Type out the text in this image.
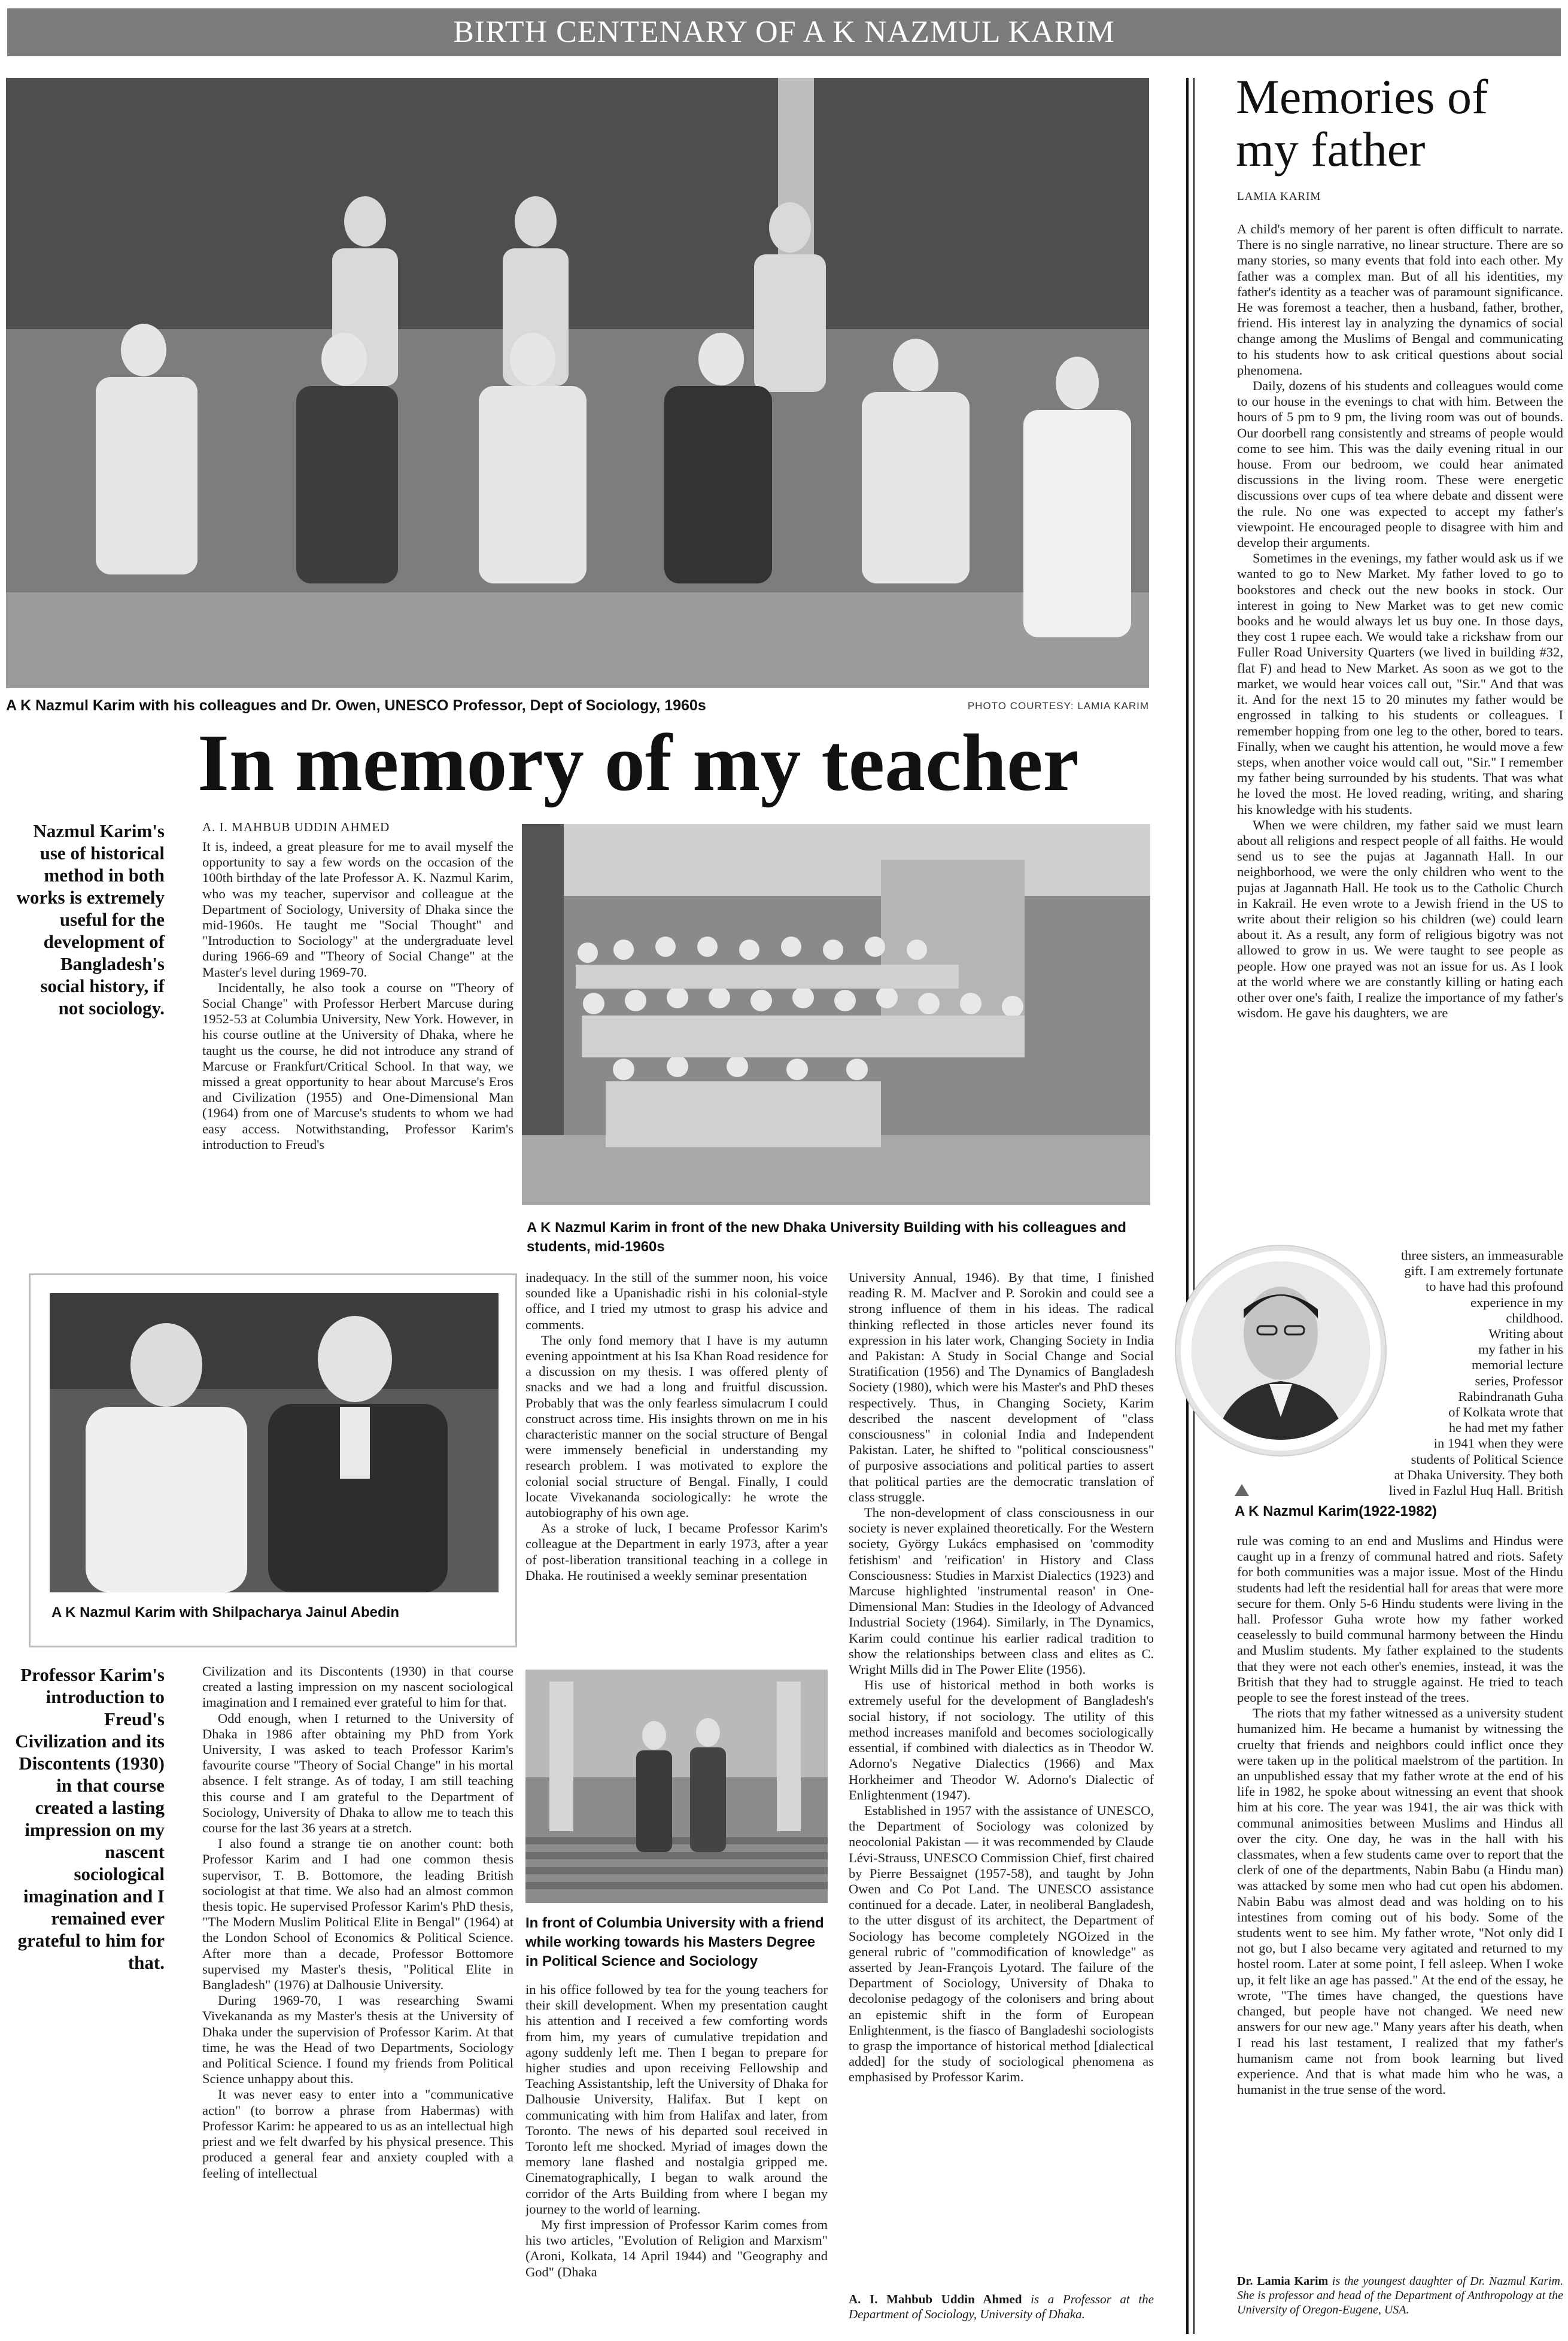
BIRTH CENTENARY OF A K NAZMUL KARIM
A K Nazmul Karim with his colleagues and Dr. Owen, UNESCO Professor, Dept of Sociology, 1960s	PHOTO COURTESY: LAMIA KARIM
In memory of my teacher
Nazmul Karim's use of historical method in both works is extremely useful for the development of Bangladesh's social history, if not sociology.
A. I. MAHBUB UDDIN AHMED

It is, indeed, a great pleasure for me to avail myself the opportunity to say a few words on the occasion of the 100th birthday of the late Professor A. K. Nazmul Karim, who was my teacher, supervisor and colleague at the Department of Sociology, University of Dhaka since the mid-1960s. He taught me "Social Thought" and "Introduction to Sociology" at the undergraduate level during 1966-69 and "Theory of Social Change" at the Master's level during 1969-70.

Incidentally, he also took a course on "Theory of Social Change" with Professor Herbert Marcuse during 1952-53 at Columbia University, New York. However, in his course outline at the University of Dhaka, where he taught us the course, he did not introduce any strand of Marcuse or Frankfurt/Critical School. In that way, we missed a great opportunity to hear about Marcuse's Eros and Civilization (1955) and One-Dimensional Man (1964) from one of Marcuse's students to whom we had easy access. Notwithstanding, Professor Karim's introduction to Freud's

A K Nazmul Karim in front of the new Dhaka University Building with his colleagues and students, mid-1960s
A K Nazmul Karim with Shilpacharya Jainul Abedin
Professor Karim's introduction to Freud's Civilization and its Discontents (1930) in that course created a lasting impression on my nascent sociological imagination and I remained ever grateful to him for that.

Civilization and its Discontents (1930) in that course created a lasting impression on my nascent sociological imagination and I remained ever grateful to him for that.

Odd enough, when I returned to the University of Dhaka in 1986 after obtaining my PhD from York University, I was asked to teach Professor Karim's favourite course "Theory of Social Change" in his mortal absence. I felt strange. As of today, I am still teaching this course and I am grateful to the Department of Sociology, University of Dhaka to allow me to teach this course for the last 36 years at a stretch.

I also found a strange tie on another count: both Professor Karim and I had one common thesis supervisor, T. B. Bottomore, the leading British sociologist at that time. We also had an almost common thesis topic. He supervised Professor Karim's PhD thesis, "The Modern Muslim Political Elite in Bengal" (1964) at the London School of Economics & Political Science. After more than a decade, Professor Bottomore supervised my Master's thesis, "Political Elite in Bangladesh" (1976) at Dalhousie University.

During 1969-70, I was researching Swami Vivekananda as my Master's thesis at the University of Dhaka under the supervision of Professor Karim. At that time, he was the Head of two Departments, Sociology and Political Science. I found my friends from Political Science unhappy about this.

It was never easy to enter into a "communicative action" (to borrow a phrase from Habermas) with Professor Karim: he appeared to us as an intellectual high priest and we felt dwarfed by his physical presence. This produced a general fear and anxiety coupled with a feeling of intellectual

inadequacy. In the still of the summer noon, his voice sounded like a Upanishadic rishi in his colonial-style office, and I tried my utmost to grasp his advice and comments.

The only fond memory that I have is my autumn evening appointment at his Isa Khan Road residence for a discussion on my thesis. I was offered plenty of snacks and we had a long and fruitful discussion. Probably that was the only fearless simulacrum I could construct across time. His insights thrown on me in his characteristic manner on the social structure of Bengal were immensely beneficial in understanding my research problem. I was motivated to explore the colonial social structure of Bengal. Finally, I could locate Vivekananda sociologically: he wrote the autobiography of his own age.

As a stroke of luck, I became Professor Karim's colleague at the Department in early 1973, after a year of post-liberation transitional teaching in a college in Dhaka. He routinised a weekly seminar presentation

In front of Columbia University with a friend while working towards his Masters Degree in Political Science and Sociology

in his office followed by tea for the young teachers for their skill development. When my presentation caught his attention and I received a few comforting words from him, my years of cumulative trepidation and agony suddenly left me. Then I began to prepare for higher studies and upon receiving Fellowship and Teaching Assistantship, left the University of Dhaka for Dalhousie University, Halifax. But I kept on communicating with him from Halifax and later, from Toronto. The news of his departed soul received in Toronto left me shocked. Myriad of images down the memory lane flashed and nostalgia gripped me. Cinematographically, I began to walk around the corridor of the Arts Building from where I began my journey to the world of learning.

My first impression of Professor Karim comes from his two articles, "Evolution of Religion and Marxism" (Aroni, Kolkata, 14 April 1944) and "Geography and God" (Dhaka

University Annual, 1946). By that time, I finished reading R. M. MacIver and P. Sorokin and could see a strong influence of them in his ideas. The radical thinking reflected in those articles never found its expression in his later work, Changing Society in India and Pakistan: A Study in Social Change and Social Stratification (1956) and The Dynamics of Bangladesh Society (1980), which were his Master's and PhD theses respectively. Thus, in Changing Society, Karim described the nascent development of "class consciousness" in colonial India and Independent Pakistan. Later, he shifted to "political consciousness" of purposive associations and political parties to assert that political parties are the democratic translation of class struggle.

The non-development of class consciousness in our society is never explained theoretically. For the Western society, György Lukács emphasised on 'commodity fetishism' and 'reification' in History and Class Consciousness: Studies in Marxist Dialectics (1923) and Marcuse highlighted 'instrumental reason' in One-Dimensional Man: Studies in the Ideology of Advanced Industrial Society (1964). Similarly, in The Dynamics, Karim could continue his earlier radical tradition to show the relationships between class and elites as C. Wright Mills did in The Power Elite (1956).

His use of historical method in both works is extremely useful for the development of Bangladesh's social history, if not sociology. The utility of this method increases manifold and becomes sociologically essential, if combined with dialectics as in Theodor W. Adorno's Negative Dialectics (1966) and Max Horkheimer and Theodor W. Adorno's Dialectic of Enlightenment (1947).

Established in 1957 with the assistance of UNESCO, the Department of Sociology was colonized by neocolonial Pakistan — it was recommended by Claude Lévi-Strauss, UNESCO Commission Chief, first chaired by Pierre Bessaignet (1957-58), and taught by John Owen and Co Pot Land. The UNESCO assistance continued for a decade. Later, in neoliberal Bangladesh, to the utter disgust of its architect, the Department of Sociology has become completely NGOized in the general rubric of "commodification of knowledge" as asserted by Jean-François Lyotard. The failure of the Department of Sociology, University of Dhaka to decolonise pedagogy of the colonisers and bring about an epistemic shift in the form of European Enlightenment, is the fiasco of Bangladeshi sociologists to grasp the importance of historical method [dialectical added] for the study of sociological phenomena as emphasised by Professor Karim.

A. I. Mahbub Uddin Ahmed is a Professor at the Department of Sociology, University of Dhaka.
Memories of
my father
LAMIA KARIM

A child's memory of her parent is often difficult to narrate. There is no single narrative, no linear structure. There are so many stories, so many events that fold into each other. My father was a complex man. But of all his identities, my father's identity as a teacher was of paramount significance. He was foremost a teacher, then a husband, father, brother, friend. His interest lay in analyzing the dynamics of social change among the Muslims of Bengal and communicating to his students how to ask critical questions about social phenomena.

Daily, dozens of his students and colleagues would come to our house in the evenings to chat with him. Between the hours of 5 pm to 9 pm, the living room was out of bounds. Our doorbell rang consistently and streams of people would come to see him. This was the daily evening ritual in our house. From our bedroom, we could hear animated discussions in the living room. These were energetic discussions over cups of tea where debate and dissent were the rule. No one was expected to accept my father's viewpoint. He encouraged people to disagree with him and develop their arguments.

Sometimes in the evenings, my father would ask us if we wanted to go to New Market. My father loved to go to bookstores and check out the new books in stock. Our interest in going to New Market was to get new comic books and he would always let us buy one. In those days, they cost 1 rupee each. We would take a rickshaw from our Fuller Road University Quarters (we lived in building #32, flat F) and head to New Market. As soon as we got to the market, we would hear voices call out, "Sir." And that was it. And for the next 15 to 20 minutes my father would be engrossed in talking to his students or colleagues. I remember hopping from one leg to the other, bored to tears. Finally, when we caught his attention, he would move a few steps, when another voice would call out, "Sir." I remember my father being surrounded by his students. That was what he loved the most. He loved reading, writing, and sharing his knowledge with his students.

When we were children, my father said we must learn about all religions and respect people of all faiths. He would send us to see the pujas at Jagannath Hall. In our neighborhood, we were the only children who went to the pujas at Jagannath Hall. He took us to the Catholic Church in Kakrail. He even wrote to a Jewish friend in the US to write about their religion so his children (we) could learn about it. As a result, any form of religious bigotry was not allowed to grow in us. We were taught to see people as people. How one prayed was not an issue for us. As I look at the world where we are constantly killing or hating each other over one's faith, I realize the importance of my father's wisdom. He gave his daughters, we are

three sisters, an immeasurable
gift. I am extremely fortunate
to have had this profound
experience in my
childhood.
Writing about
my father in his
memorial lecture
series, Professor
Rabindranath Guha
of Kolkata wrote that
he had met my father
in 1941 when they were
students of Political Science
at Dhaka University. They both
lived in Fazlul Huq Hall. British
A K Nazmul Karim(1922-1982)

rule was coming to an end and Muslims and Hindus were caught up in a frenzy of communal hatred and riots. Safety for both communities was a major issue. Most of the Hindu students had left the residential hall for areas that were more secure for them. Only 5-6 Hindu students were living in the hall. Professor Guha wrote how my father worked ceaselessly to build communal harmony between the Hindu and Muslim students. My father explained to the students that they were not each other's enemies, instead, it was the British that they had to struggle against. He tried to teach people to see the forest instead of the trees.

The riots that my father witnessed as a university student humanized him. He became a humanist by witnessing the cruelty that friends and neighbors could inflict once they were taken up in the political maelstrom of the partition. In an unpublished essay that my father wrote at the end of his life in 1982, he spoke about witnessing an event that shook him at his core. The year was 1941, the air was thick with communal animosities between Muslims and Hindus all over the city. One day, he was in the hall with his classmates, when a few students came over to report that the clerk of one of the departments, Nabin Babu (a Hindu man) was attacked by some men who had cut open his abdomen. Nabin Babu was almost dead and was holding on to his intestines from coming out of his body. Some of the students went to see him. My father wrote, "Not only did I not go, but I also became very agitated and returned to my hostel room. Later at some point, I fell asleep. When I woke up, it felt like an age has passed." At the end of the essay, he wrote, "The times have changed, the questions have changed, but people have not changed. We need new answers for our new age." Many years after his death, when I read his last testament, I realized that my father's humanism came not from book learning but lived experience. And that is what made him who he was, a humanist in the true sense of the word.

Dr. Lamia Karim is the youngest daughter of Dr. Nazmul Karim. She is professor and head of the Department of Anthropology at the University of Oregon-Eugene, USA.
